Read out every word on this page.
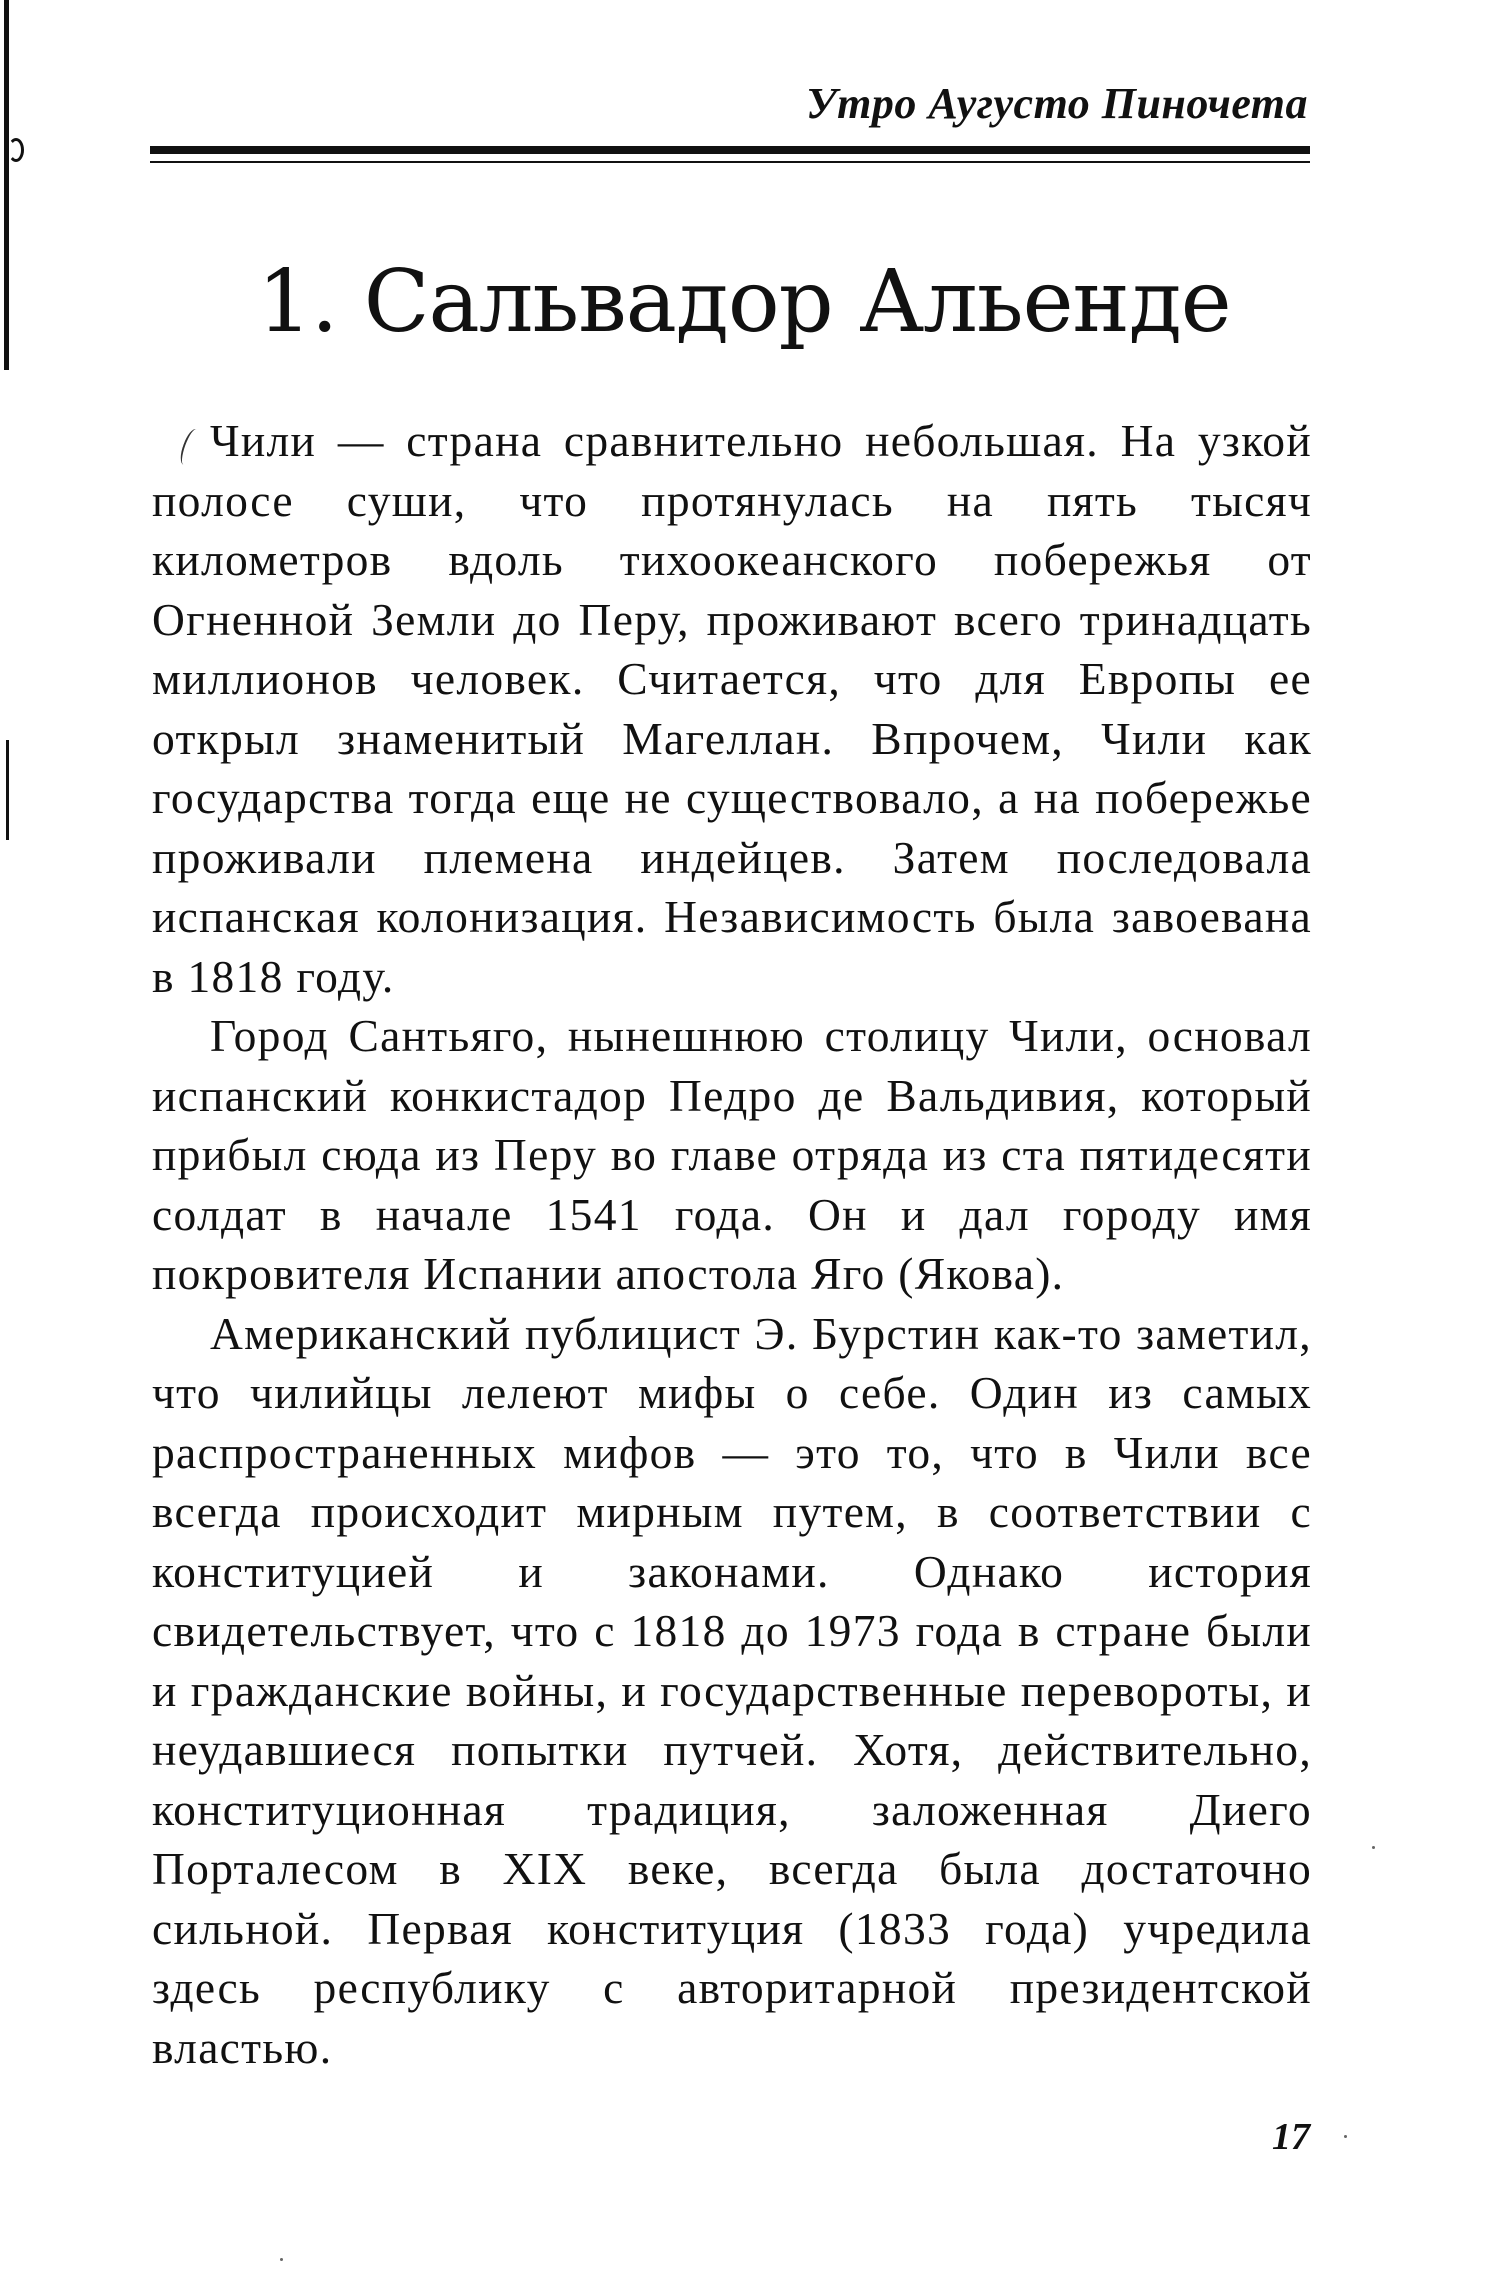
Утро Аугусто Пиночета
1. Сальвадор Альенде

Чили — страна сравнительно небольшая. На узкой полосе суши, что протянулась на пять тысяч километров вдоль тихоокеанского побережья от Огненной Земли до Перу, проживают всего тринадцать миллионов человек. Считается, что для Европы ее открыл знаменитый Магеллан. Впрочем, Чили как государства тогда еще не существовало, а на побережье проживали племена индейцев. Затем последовала испанская колонизация. Независимость была завоевана в 1818 году.

Город Сантьяго, нынешнюю столицу Чили, основал испанский конкистадор Педро де Вальдивия, который прибыл сюда из Перу во главе отряда из ста пятидесяти солдат в начале 1541 года. Он и дал городу имя покровителя Испании апостола Яго (Якова).

Американский публицист Э. Бурстин как-то заметил, что чилийцы лелеют мифы о себе. Один из самых распространенных мифов — это то, что в Чили все всегда происходит мирным путем, в соответствии с конституцией и законами. Однако история свидетельствует, что с 1818 до 1973 года в стране были и гражданские войны, и государственные перевороты, и неудавшиеся попытки путчей. Хотя, действительно, конституционная традиция, заложенная Диего Порталесом в XIX веке, всегда была достаточно сильной. Первая конституция (1833 года) учредила здесь республику с авторитарной президентской властью.

17
